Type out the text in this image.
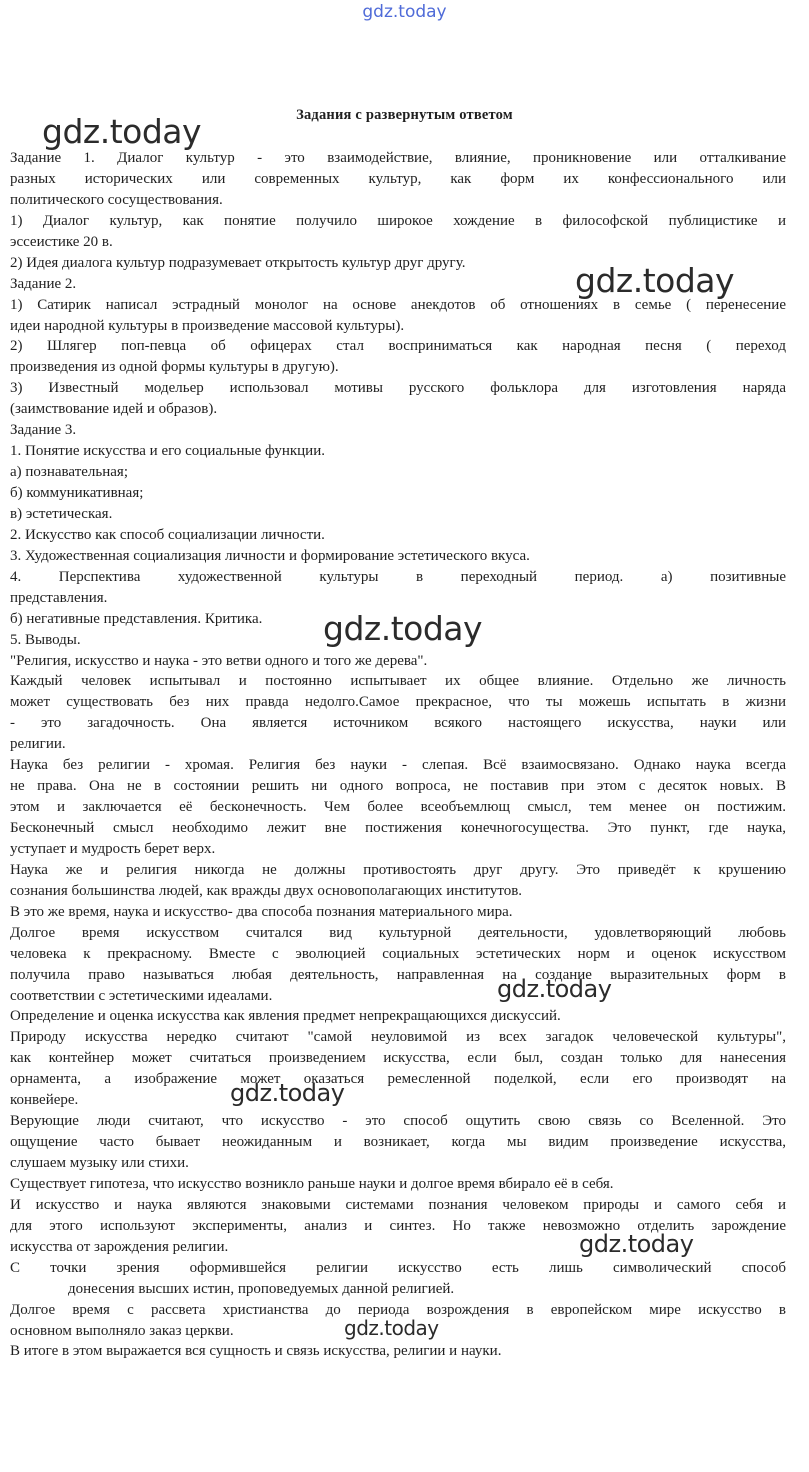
gdz.today
Задания с развернутым ответом
Задание 1. Диалог культур - это взаимодействие, влияние, проникновение или отталкивание
разных исторических или современных культур, как форм их конфессионального или
политического сосуществования.
1) Диалог культур, как понятие получило широкое хождение в философской публицистике и
эссеистике 20 в.
2) Идея диалога культур подразумевает открытость культур друг другу.
Задание 2.
1) Сатирик написал эстрадный монолог на основе анекдотов об отношениях в семье ( перенесение
идеи народной культуры в произведение массовой культуры).
2) Шлягер поп-певца об офицерах стал восприниматься как народная песня ( переход
произведения из одной формы культуры в другую).
3) Известный модельер использовал мотивы русского фольклора для изготовления наряда
(заимствование идей и образов).
Задание 3.
1. Понятие искусства и его социальные функции.
а) познавательная;
б) коммуникативная;
в) эстетическая.
2. Искусство как способ социализации личности.
3. Художественная социализация личности и формирование эстетического вкуса.
4. Перспектива художественной культуры в переходный период. а) позитивные
представления.
б) негативные представления. Критика.
5. Выводы.
"Религия, искусство и наука - это ветви одного и того же дерева".
Каждый человек испытывал и постоянно испытывает их общее влияние. Отдельно же личность
может существовать без них правда недолго.Самое прекрасное, что ты можешь испытать в жизни
- это загадочность. Она является источником всякого настоящего искусства, науки или
религии.
Наука без религии - хромая. Религия без науки - слепая. Всё взаимосвязано. Однако наука всегда
не права. Она не в состоянии решить ни одного вопроса, не поставив при этом с десяток новых. В
этом и заключается её бесконечность. Чем более всеобъемлющ смысл, тем менее он постижим.
Бесконечный смысл необходимо лежит вне постижения конечногосущества. Это пункт, где наука,
уступает и мудрость берет верх.
Наука же и религия никогда не должны противостоять друг другу. Это приведёт к крушению
сознания большинства людей, как вражды двух основополагающих институтов.
В это же время, наука и искусство- два способа познания материального мира.
Долгое время искусством считался вид культурной деятельности, удовлетворяющий любовь
человека к прекрасному. Вместе с эволюцией социальных эстетических норм и оценок искусством
получила право называться любая деятельность, направленная на создание выразительных форм в
соответствии с эстетическими идеалами.
Определение и оценка искусства как явления предмет непрекращающихся дискуссий.
Природу искусства нередко считают "самой неуловимой из всех загадок человеческой культуры",
как контейнер может считаться произведением искусства, если был, создан только для нанесения
орнамента, а изображение может оказаться ремесленной поделкой, если его производят на
конвейере.
Верующие люди считают, что искусство - это способ ощутить свою связь со Вселенной. Это
ощущение часто бывает неожиданным и возникает, когда мы видим произведение искусства,
слушаем музыку или стихи.
Существует гипотеза, что искусство возникло раньше науки и долгое время вбирало её в себя.
И искусство и наука являются знаковыми системами познания человеком природы и самого себя и
для этого используют эксперименты, анализ и синтез. Но также невозможно отделить зарождение
искусства от зарождения религии.
С точки зрения оформившейся религии искусство есть лишь символический способ
донесения высших истин, проповедуемых данной религией.
Долгое время с рассвета христианства до периода возрождения в европейском мире искусство в
основном выполняло заказ церкви.
В итоге в этом выражается вся сущность и связь искусства, религии и науки.
gdz.today
gdz.today
gdz.today
gdz.today
gdz.today
gdz.today
gdz.today
